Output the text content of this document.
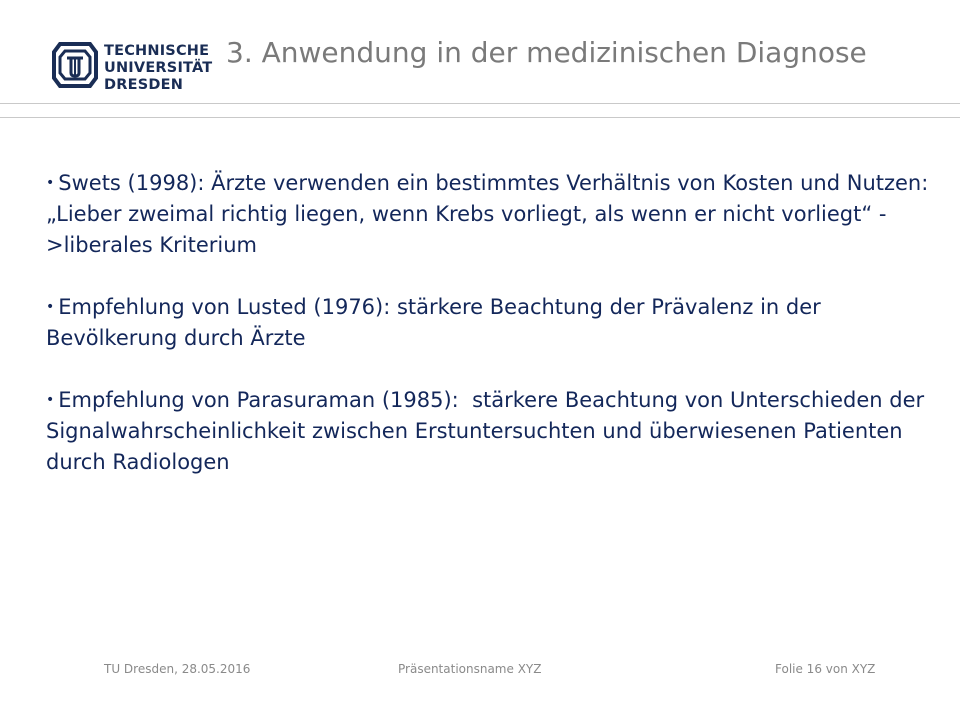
TECHNISCHE
UNIVERSITÄT
DRESDEN
3. Anwendung in der medizinischen Diagnose

• Swets (1998): Ärzte verwenden ein bestimmtes Verhältnis von Kosten und Nutzen: „Lieber zweimal richtig liegen, wenn Krebs vorliegt, als wenn er nicht vorliegt“ ->liberales Kriterium

• Empfehlung von Lusted (1976): stärkere Beachtung der Prävalenz in der Bevölkerung durch Ärzte

• Empfehlung von Parasuraman (1985):  stärkere Beachtung von Unterschieden der Signalwahrscheinlichkeit zwischen Erstuntersuchten und überwiesenen Patienten durch Radiologen

TU Dresden, 28.05.2016	Präsentationsname XYZ	Folie 16 von XYZ
